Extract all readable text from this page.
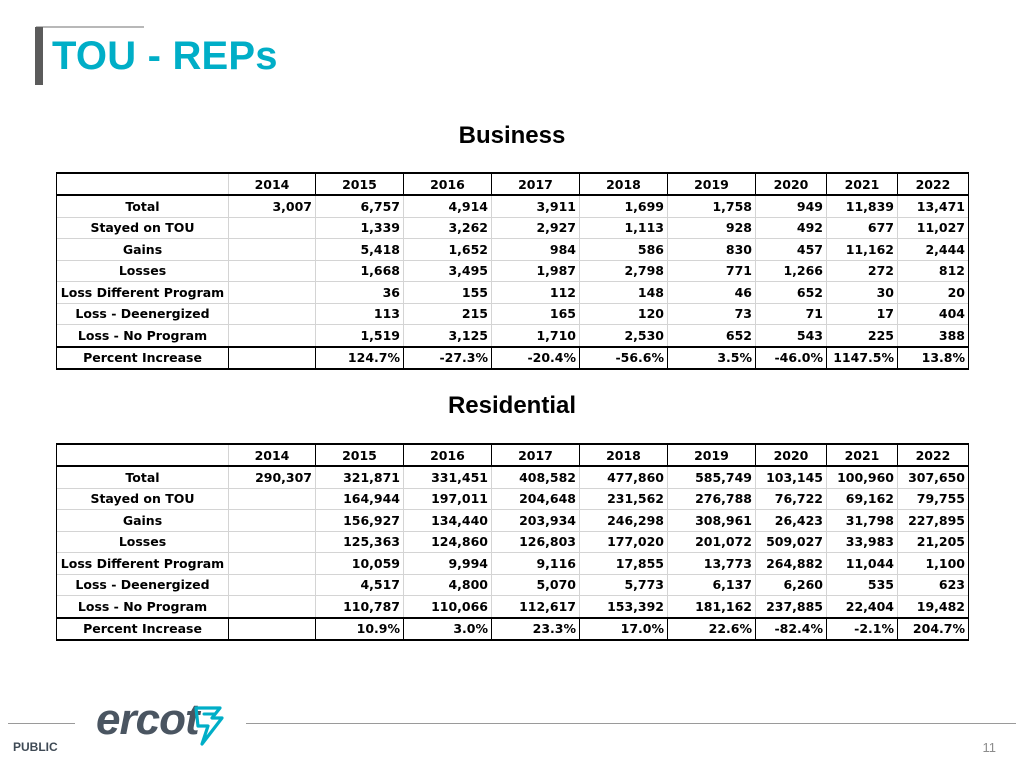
TOU - REPs
Business
	2014	2015	2016	2017	2018	2019	2020	2021	2022
Total	3,007	6,757	4,914	3,911	1,699	1,758	949	11,839	13,471
Stayed on TOU		1,339	3,262	2,927	1,113	928	492	677	11,027
Gains		5,418	1,652	984	586	830	457	11,162	2,444
Losses		1,668	3,495	1,987	2,798	771	1,266	272	812
Loss Different Program		36	155	112	148	46	652	30	20
Loss - Deenergized		113	215	165	120	73	71	17	404
Loss - No Program		1,519	3,125	1,710	2,530	652	543	225	388
Percent Increase		124.7%	-27.3%	-20.4%	-56.6%	3.5%	-46.0%	1147.5%	13.8%
Residential
	2014	2015	2016	2017	2018	2019	2020	2021	2022
Total	290,307	321,871	331,451	408,582	477,860	585,749	103,145	100,960	307,650
Stayed on TOU		164,944	197,011	204,648	231,562	276,788	76,722	69,162	79,755
Gains		156,927	134,440	203,934	246,298	308,961	26,423	31,798	227,895
Losses		125,363	124,860	126,803	177,020	201,072	509,027	33,983	21,205
Loss Different Program		10,059	9,994	9,116	17,855	13,773	264,882	11,044	1,100
Loss - Deenergized		4,517	4,800	5,070	5,773	6,137	6,260	535	623
Loss - No Program		110,787	110,066	112,617	153,392	181,162	237,885	22,404	19,482
Percent Increase		10.9%	3.0%	23.3%	17.0%	22.6%	-82.4%	-2.1%	204.7%
ercot
PUBLIC	11
